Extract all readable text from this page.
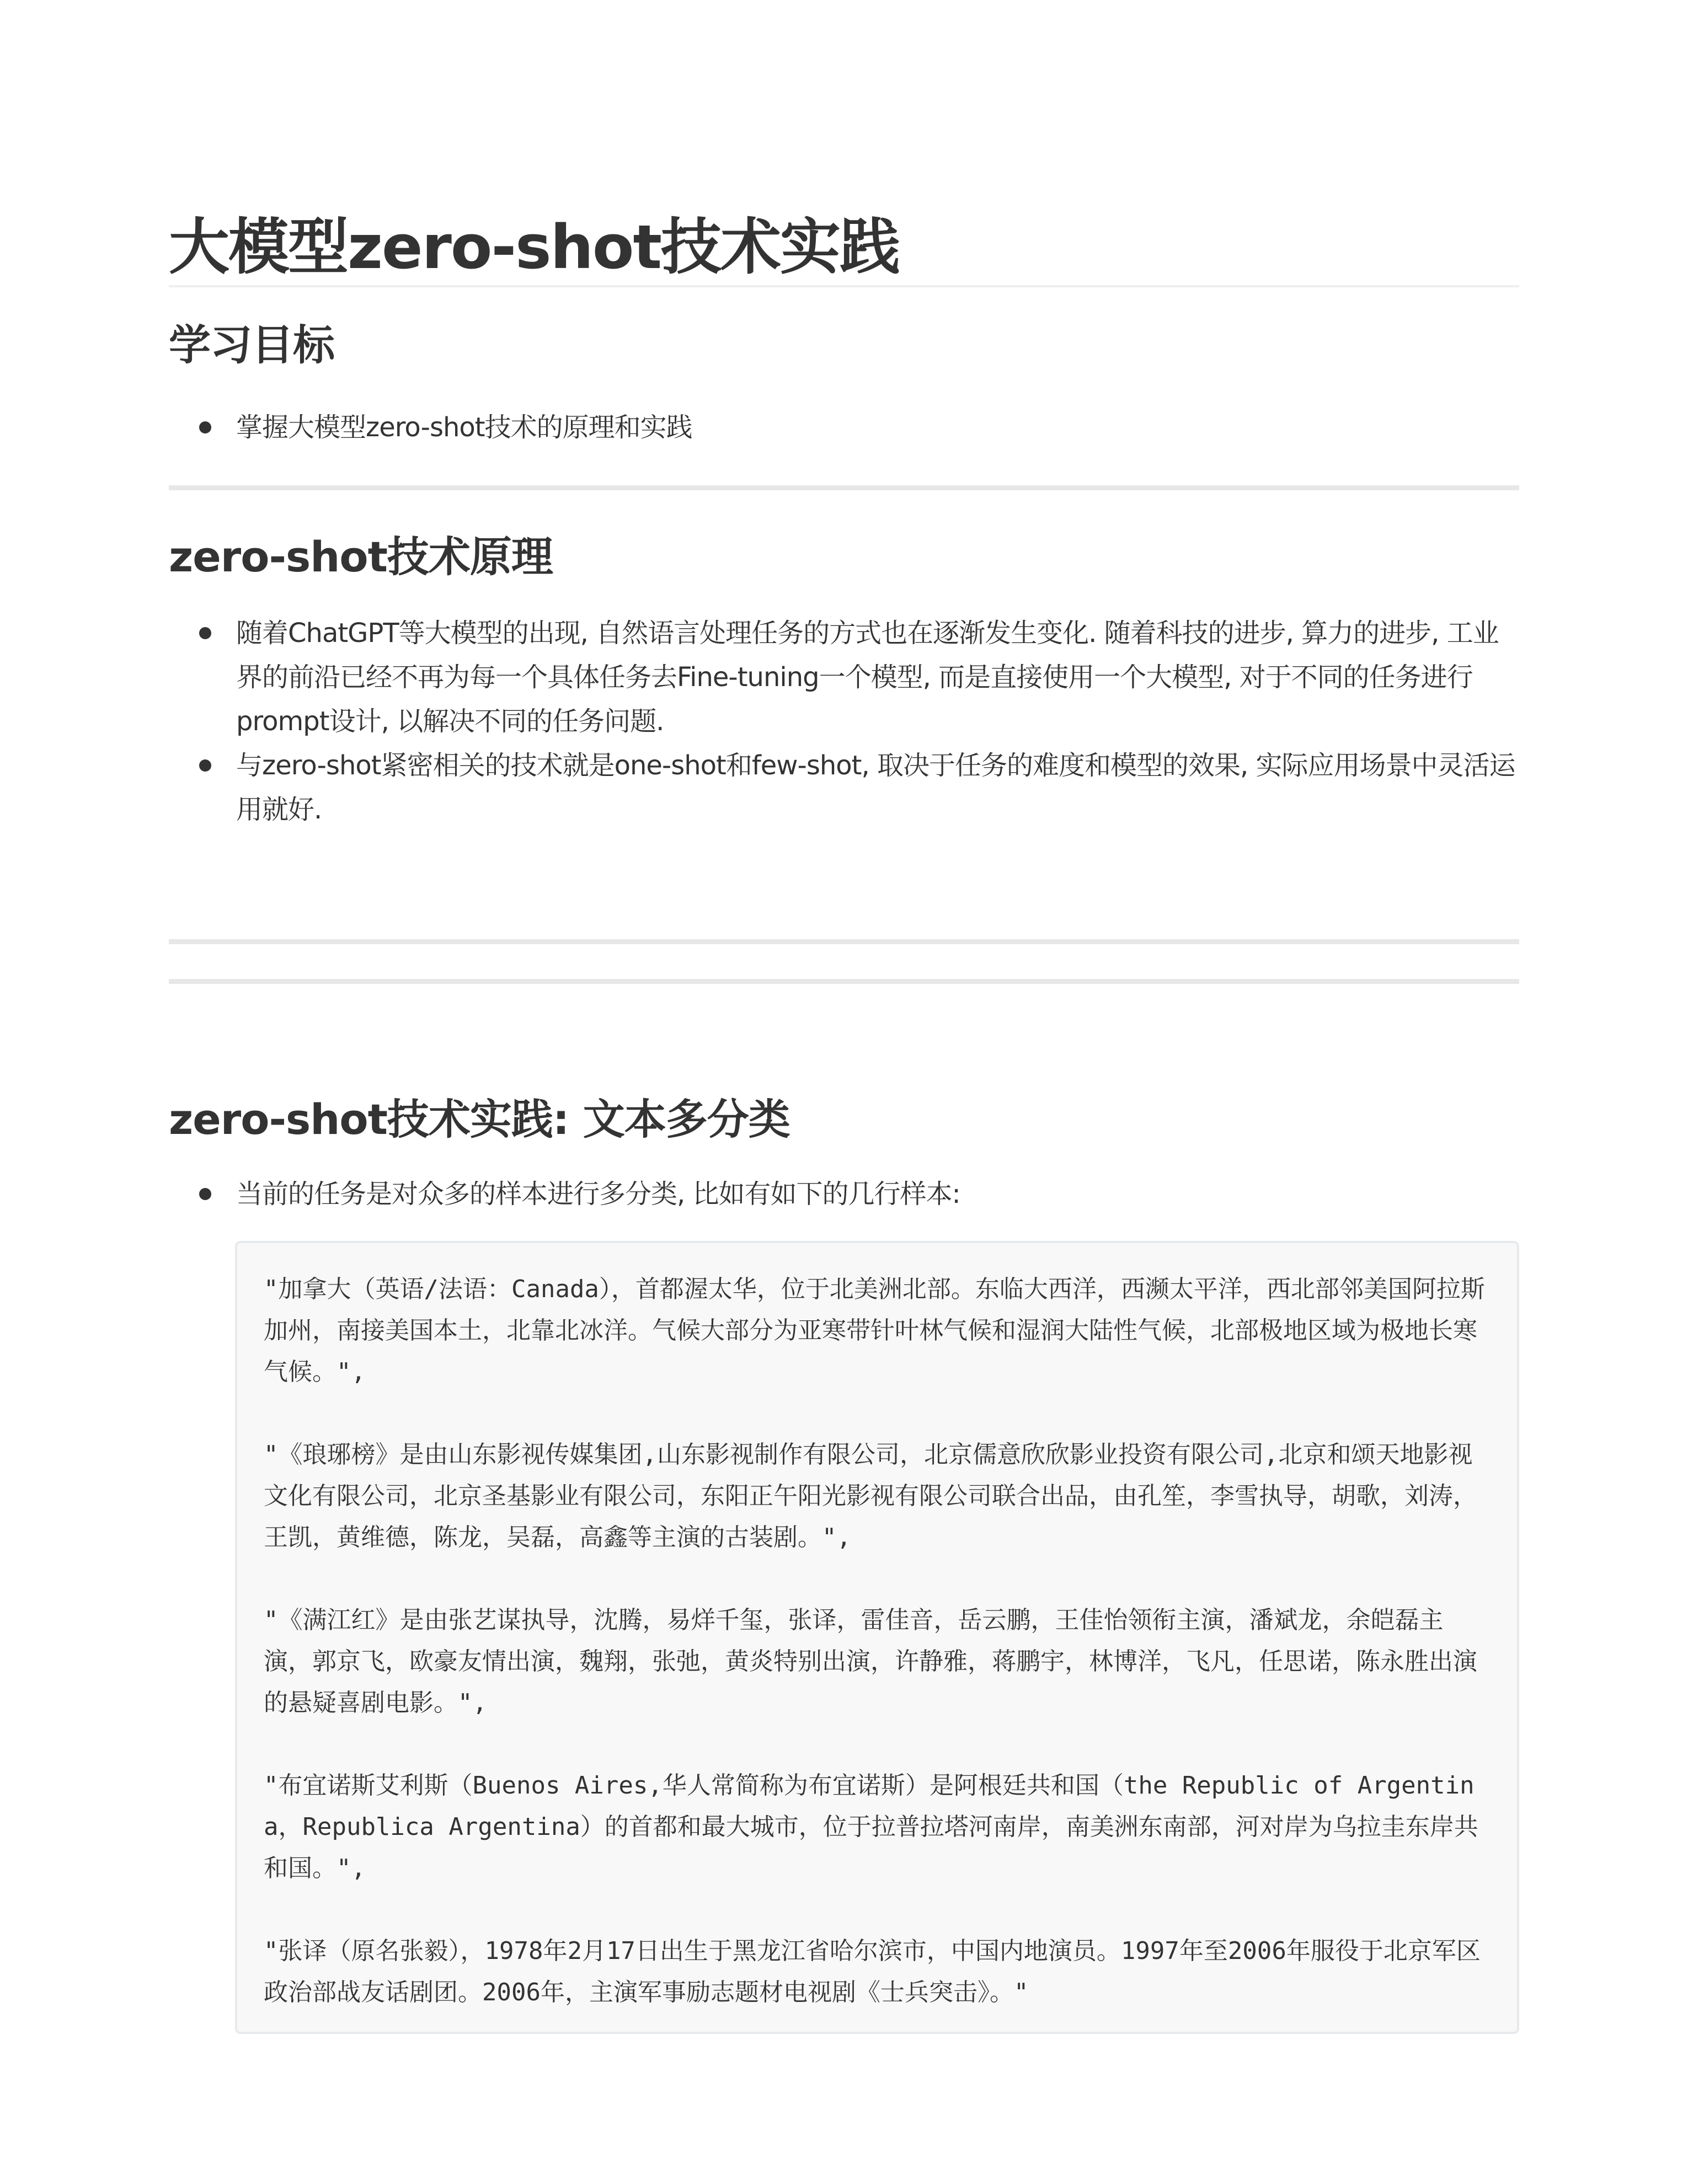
大模型zero-shot技术实践
学习目标
掌握大模型zero-shot技术的原理和实践
zero-shot技术原理
随着ChatGPT等大模型的出现, 自然语言处理任务的方式也在逐渐发生变化. 随着科技的进步, 算力的进步, 工业界的前沿已经不再为每一个具体任务去Fine-tuning一个模型, 而是直接使用一个大模型, 对于不同的任务进行prompt设计, 以解决不同的任务问题.
与zero-shot紧密相关的技术就是one-shot和few-shot, 取决于任务的难度和模型的效果, 实际应用场景中灵活运用就好.
zero-shot技术实践: 文本多分类
当前的任务是对众多的样本进行多分类, 比如有如下的几行样本:
"加拿大（英语/法语：Canada），首都渥太华，位于北美洲北部。东临大西洋，西濒太平洋，西北部邻美国阿拉斯加州，南接美国本土，北靠北冰洋。气候大部分为亚寒带针叶林气候和湿润大陆性气候，北部极地区域为极地长寒气候。",
"《琅琊榜》是由山东影视传媒集团,山东影视制作有限公司，北京儒意欣欣影业投资有限公司,北京和颂天地影视文化有限公司，北京圣基影业有限公司，东阳正午阳光影视有限公司联合出品，由孔笙，李雪执导，胡歌，刘涛，王凯，黄维德，陈龙，吴磊，高鑫等主演的古装剧。",
"《满江红》是由张艺谋执导，沈腾，易烊千玺，张译，雷佳音，岳云鹏，王佳怡领衔主演，潘斌龙，余皑磊主演，郭京飞，欧豪友情出演，魏翔，张弛，黄炎特别出演，许静雅，蒋鹏宇，林博洋，飞凡，任思诺，陈永胜出演的悬疑喜剧电影。",
"布宜诺斯艾利斯（Buenos Aires,华人常简称为布宜诺斯）是阿根廷共和国（the Republic of Argentina，Republica Argentina）的首都和最大城市，位于拉普拉塔河南岸，南美洲东南部，河对岸为乌拉圭东岸共和国。",
"张译（原名张毅），1978年2月17日出生于黑龙江省哈尔滨市，中国内地演员。1997年至2006年服役于北京军区政治部战友话剧团。2006年，主演军事励志题材电视剧《士兵突击》。"
